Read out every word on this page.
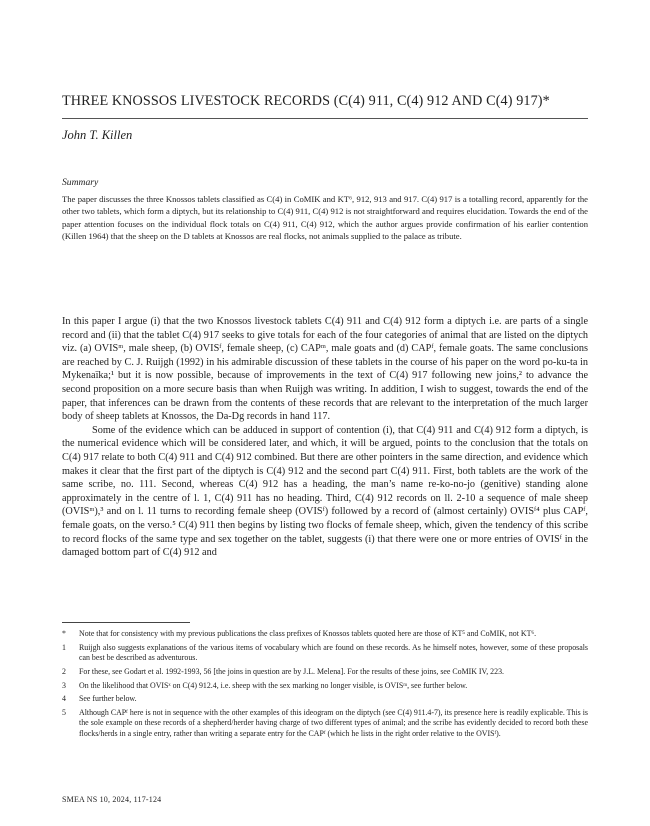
THREE KNOSSOS LIVESTOCK RECORDS (C(4) 911, C(4) 912 AND C(4) 917)*
John T. Killen
Summary
The paper discusses the three Knossos tablets classified as C(4) in CoMIK and KT⁶, 912, 913 and 917. C(4) 917 is a totalling record, apparently for the other two tablets, which form a diptych, but its relationship to C(4) 911, C(4) 912 is not straightforward and requires elucidation. Towards the end of the paper attention focuses on the individual flock totals on C(4) 911, C(4) 912, which the author argues provide confirmation of his earlier contention (Killen 1964) that the sheep on the D tablets at Knossos are real flocks, not animals supplied to the palace as tribute.

In this paper I argue (i) that the two Knossos livestock tablets C(4) 911 and C(4) 912 form a diptych i.e. are parts of a single record and (ii) that the tablet C(4) 917 seeks to give totals for each of the four categories of animal that are listed on the diptych viz. (a) OVISᵐ, male sheep, (b) OVISᶠ, female sheep, (c) CAPᵐ, male goats and (d) CAPᶠ, female goats. The same conclusions are reached by C. J. Ruijgh (1992) in his admirable discussion of these tablets in the course of his paper on the word po-ku-ta in Mykenaïka;¹ but it is now possible, because of improvements in the text of C(4) 917 following new joins,² to advance the second proposition on a more secure basis than when Ruijgh was writing. In addition, I wish to suggest, towards the end of the paper, that inferences can be drawn from the contents of these records that are relevant to the interpretation of the much larger body of sheep tablets at Knossos, the Da-Dg records in hand 117.

Some of the evidence which can be adduced in support of contention (i), that C(4) 911 and C(4) 912 form a diptych, is the numerical evidence which will be considered later, and which, it will be argued, points to the conclusion that the totals on C(4) 917 relate to both C(4) 911 and C(4) 912 combined. But there are other pointers in the same direction, and evidence which makes it clear that the first part of the diptych is C(4) 912 and the second part C(4) 911. First, both tablets are the work of the same scribe, no. 111. Second, whereas C(4) 912 has a heading, the man’s name re-ko-no-jo (genitive) standing alone approximately in the centre of l. 1, C(4) 911 has no heading. Third, C(4) 912 records on ll. 2-10 a sequence of male sheep (OVISᵐ),³ and on l. 11 turns to recording female sheep (OVISᶠ) followed by a record of (almost certainly) OVISᶠ⁴ plus CAPᶠ, female goats, on the verso.⁵ C(4) 911 then begins by listing two flocks of female sheep, which, given the tendency of this scribe to record flocks of the same type and sex together on the tablet, suggests (i) that there were one or more entries of OVISᶠ in the damaged bottom part of C(4) 912 and

*	Note that for consistency with my previous publications the class prefixes of Knossos tablets quoted here are those of KT⁵ and CoMIK, not KT⁶.
1	Ruijgh also suggests explanations of the various items of vocabulary which are found on these records. As he himself notes, however, some of these proposals can best be described as adventurous.
2	For these, see Godart et al. 1992-1993, 56 [the joins in question are by J.L. Melena]. For the results of these joins, see CoMIK IV, 223.
3	On the likelihood that OVISˣ on C(4) 912.4, i.e. sheep with the sex marking no longer visible, is OVISᵐ, see further below.
4	See further below.
5	Although CAPᶠ here is not in sequence with the other examples of this ideogram on the diptych (see C(4) 911.4-7), its presence here is readily explicable. This is the sole example on these records of a shepherd/herder having charge of two different types of animal; and the scribe has evidently decided to record both these flocks/herds in a single entry, rather than writing a separate entry for the CAPᶠ (which he lists in the right order relative to the OVISᶠ).
SMEA NS 10, 2024, 117-124
